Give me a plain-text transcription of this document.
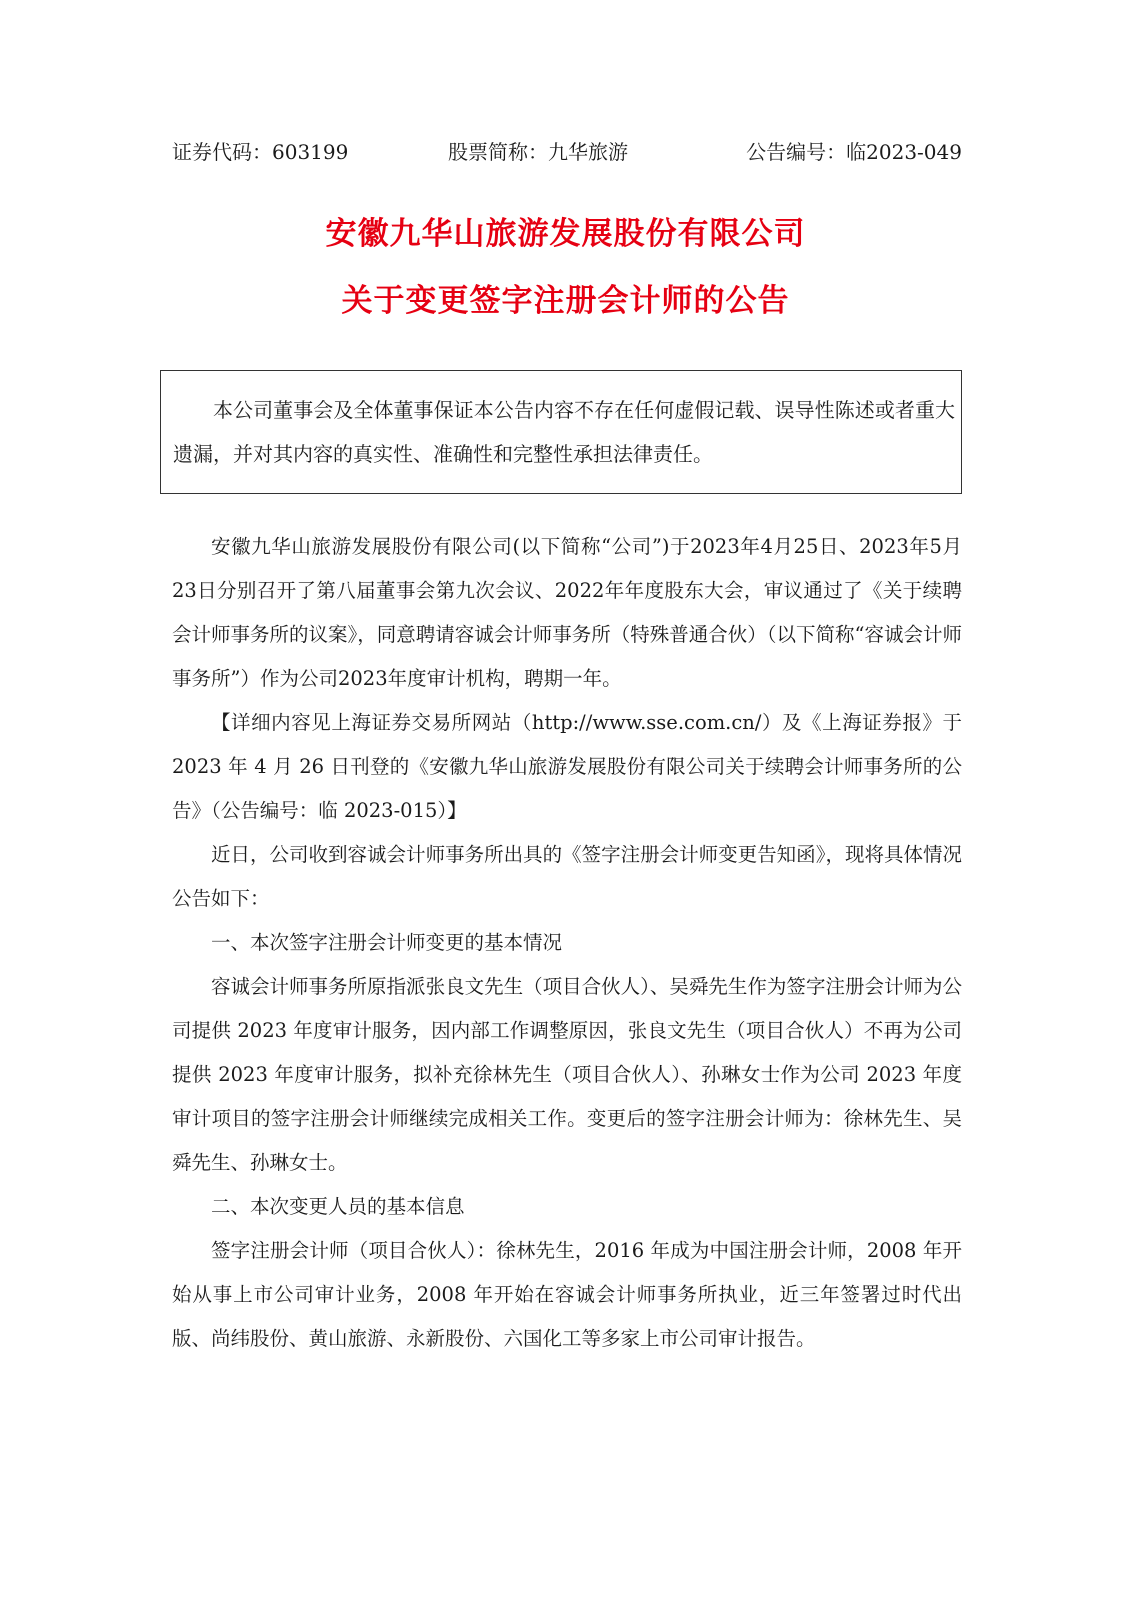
证券代码：603199	股票简称：九华旅游	公告编号：临2023-049
安徽九华山旅游发展股份有限公司
关于变更签字注册会计师的公告

本公司董事会及全体董事保证本公告内容不存在任何虚假记载、误导性陈述或者重大遗漏，并对其内容的真实性、准确性和完整性承担法律责任。

安徽九华山旅游发展股份有限公司(以下简称“公司”)于2023年4月25日、2023年5月23日分别召开了第八届董事会第九次会议、2022年年度股东大会，审议通过了《关于续聘会计师事务所的议案》，同意聘请容诚会计师事务所（特殊普通合伙）（以下简称“容诚会计师事务所”）作为公司2023年度审计机构，聘期一年。

【详细内容见上海证券交易所网站（http://www.sse.com.cn/）及《上海证券报》于 2023 年 4 月 26 日刊登的《安徽九华山旅游发展股份有限公司关于续聘会计师事务所的公告》（公告编号：临 2023-015）】

近日，公司收到容诚会计师事务所出具的《签字注册会计师变更告知函》，现将具体情况公告如下：

一、本次签字注册会计师变更的基本情况

容诚会计师事务所原指派张良文先生（项目合伙人）、吴舜先生作为签字注册会计师为公司提供 2023 年度审计服务，因内部工作调整原因，张良文先生（项目合伙人）不再为公司提供 2023 年度审计服务，拟补充徐林先生（项目合伙人）、孙琳女士作为公司 2023 年度审计项目的签字注册会计师继续完成相关工作。变更后的签字注册会计师为：徐林先生、吴舜先生、孙琳女士。

二、本次变更人员的基本信息

签字注册会计师（项目合伙人）：徐林先生，2016 年成为中国注册会计师，2008 年开始从事上市公司审计业务，2008 年开始在容诚会计师事务所执业，近三年签署过时代出版、尚纬股份、黄山旅游、永新股份、六国化工等多家上市公司审计报告。
